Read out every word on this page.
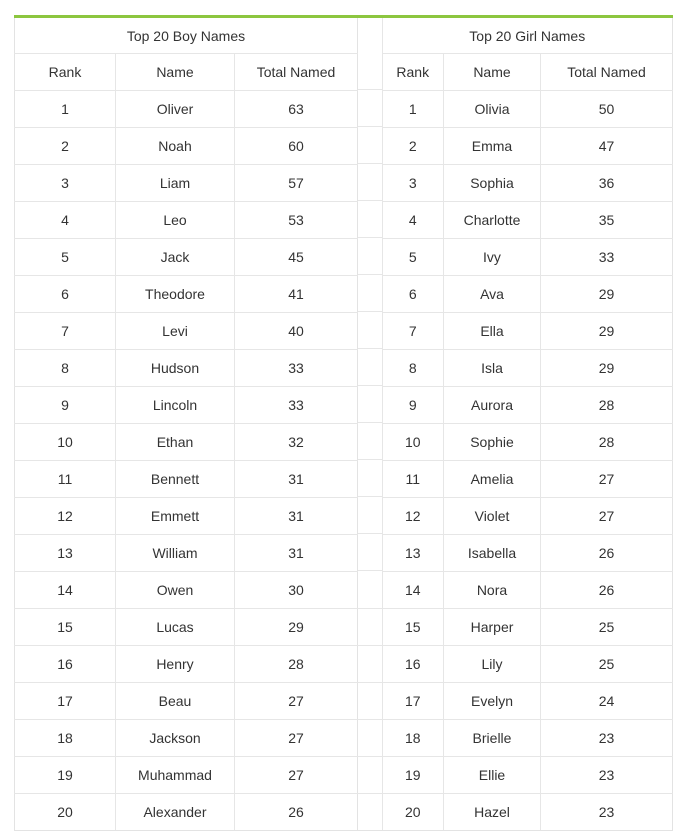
Top 20 Boy Names		
Rank	Name	Total Named
1	Oliver	63
2	Noah	60
3	Liam	57
4	Leo	53
5	Jack	45
6	Theodore	41
7	Levi	40
8	Hudson	33
9	Lincoln	33
10	Ethan	32
11	Bennett	31
12	Emmett	31
13	William	31
14	Owen	30
15	Lucas	29
16	Henry	28
17	Beau	27
18	Jackson	27
19	Muhammad	27
20	Alexander	26

Top 20 Girl Names		
Rank	Name	Total Named
1	Olivia	50
2	Emma	47
3	Sophia	36
4	Charlotte	35
5	Ivy	33
6	Ava	29
7	Ella	29
8	Isla	29
9	Aurora	28
10	Sophie	28
11	Amelia	27
12	Violet	27
13	Isabella	26
14	Nora	26
15	Harper	25
16	Lily	25
17	Evelyn	24
18	Brielle	23
19	Ellie	23
20	Hazel	23
